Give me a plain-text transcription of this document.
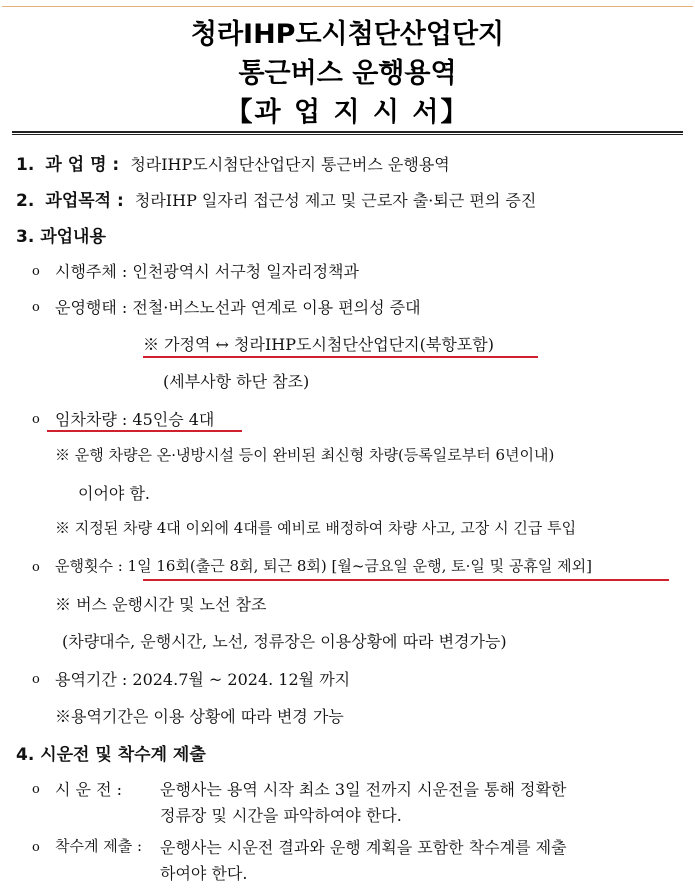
청라IHP도시첨단산업단지
통근버스 운행용역
【과 업 지 시 서】
1. 과 업 명 : 청라IHP도시첨단산업단지 통근버스 운행용역
2. 과업목적 : 청라IHP 일자리 접근성 제고 및 근로자 출·퇴근 편의 증진
3. 과업내용
ο 시행주체 : 인천광역시 서구청 일자리정책과
ο 운영행태 : 전철·버스노선과 연계로 이용 편의성 증대
※ 가정역 ↔ 청라IHP도시첨단산업단지(북항포함)
(세부사항 하단 참조)
ο 임차차량 : 45인승 4대
※ 운행 차량은 온·냉방시설 등이 완비된 최신형 차량(등록일로부터 6년이내)
이어야 함.
※ 지정된 차량 4대 이외에 4대를 예비로 배정하여 차량 사고, 고장 시 긴급 투입
ο 운행횟수 : 1일 16회(출근 8회, 퇴근 8회) [월~금요일 운행, 토·일 및 공휴일 제외]
※ 버스 운행시간 및 노선 참조
(차량대수, 운행시간, 노선, 정류장은 이용상황에 따라 변경가능)
ο 용역기간 : 2024.7월 ~ 2024. 12월 까지
※용역기간은 이용 상황에 따라 변경 가능
4. 시운전 및 착수계 제출
ο 시 운 전 : 운행사는 용역 시작 최소 3일 전까지 시운전을 통해 정확한
정류장 및 시간을 파악하여야 한다.
ο 착수계 제출 : 운행사는 시운전 결과와 운행 계획을 포함한 착수계를 제출
하여야 한다.
